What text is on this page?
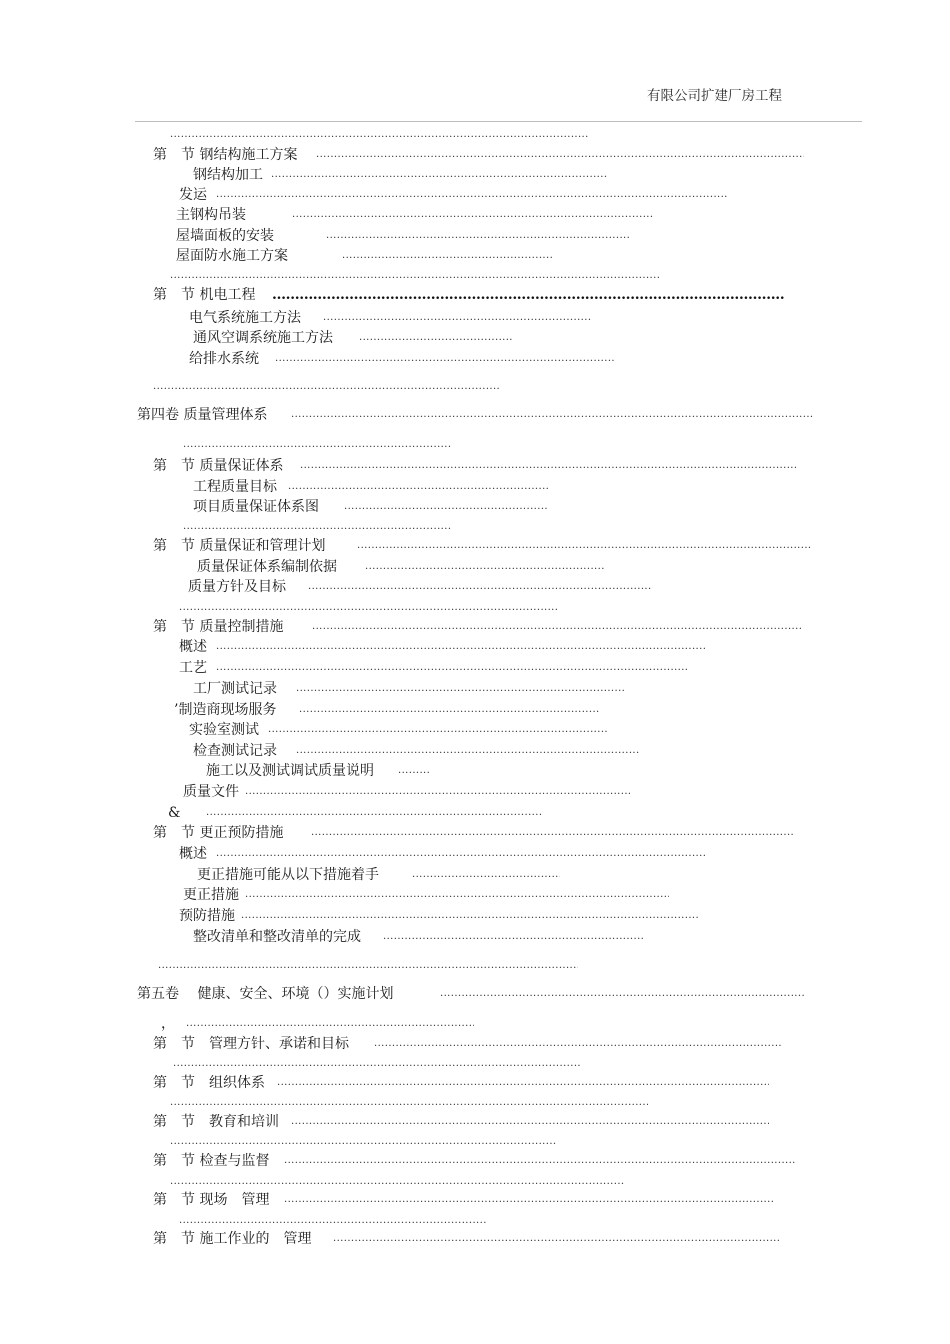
有限公司扩建厂房工程
.....
第　节 钢结构施工方案
.....
钢结构加工
.....
发运
.....
主钢构吊装
.....
屋墙面板的安装
.....
屋面防水施工方案
.....
.....
第　节 机电工程
…………………………………………………………………………………………………………………………………………………
电气系统施工方法
.....
通风空调系统施工方法
.....
给排水系统
.....
.....
第四卷 质量管理体系
.....
.....
第　节 质量保证体系
.....
工程质量目标
.....
项目质量保证体系图
.....
.....
第　节 质量保证和管理计划
.....
质量保证体系编制依据
.....
质量方针及目标
.....
.....
第　节 质量控制措施
.....
概述
.....
工艺
.....
工厂测试记录
.....
’制造商现场服务
.....
实验室测试
.....
检查测试记录
.....
施工以及测试调试质量说明
.....
质量文件
.....
&
.....
第　节 更正预防措施
.....
概述
.....
更正措施可能从以下措施着手
.....
更正措施
.....
预防措施
.....
整改清单和整改清单的完成
.....
.....
第五卷　 健康、安全、环境（）实施计划
.....
，
.....
第　节　管理方针、承诺和目标
.....
.....
第　节　组织体系
.....
.....
第　节　教育和培训
.....
.....
第　节 检查与监督
.....
.....
第　节 现场　管理
.....
.....
第　节 施工作业的　管理
.....
